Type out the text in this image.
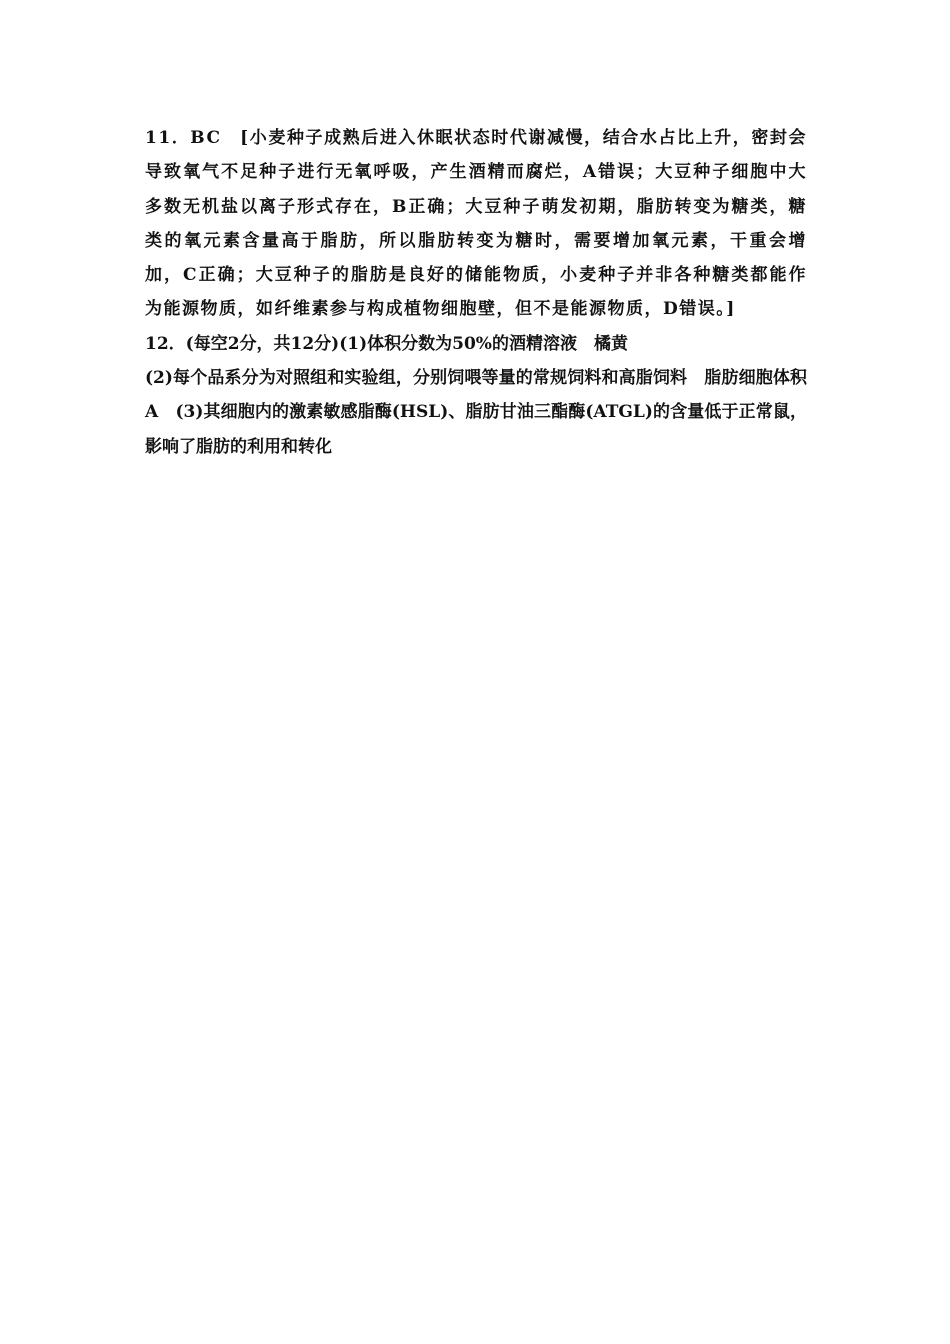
11．BC　[小麦种子成熟后进入休眠状态时代谢减慢，结合水占比上升，密封会导致氧气不足种子进行无氧呼吸，产生酒精而腐烂，A错误；大豆种子细胞中大多数无机盐以离子形式存在，B正确；大豆种子萌发初期，脂肪转变为糖类，糖类的氧元素含量高于脂肪，所以脂肪转变为糖时，需要增加氧元素，干重会增加，C正确；大豆种子的脂肪是良好的储能物质，小麦种子并非各种糖类都能作为能源物质，如纤维素参与构成植物细胞壁，但不是能源物质，D错误。]

12．(每空2分，共12分)(1)体积分数为50%的酒精溶液　橘黄

(2)每个品系分为对照组和实验组，分别饲喂等量的常规饲料和高脂饲料　脂肪细胞体积　A　(3)其细胞内的激素敏感脂酶(HSL)、脂肪甘油三酯酶(ATGL)的含量低于正常鼠，影响了脂肪的利用和转化
